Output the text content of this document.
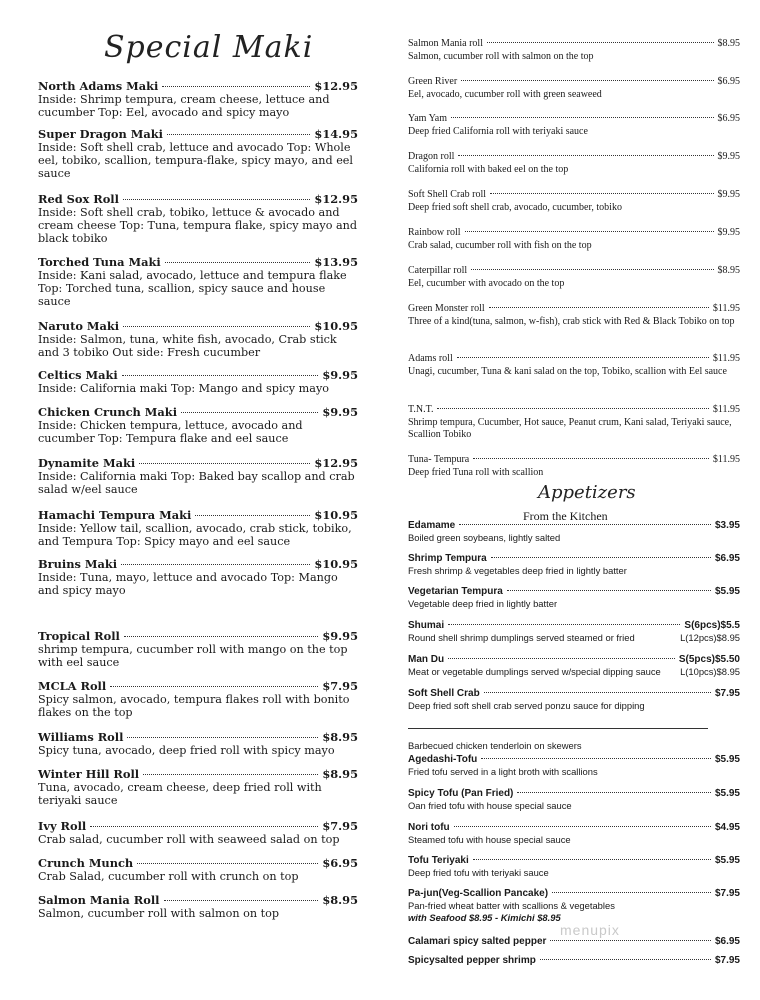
Special Maki
North Adams Maki	$12.95
Inside: Shrimp tempura, cream cheese, lettuce and cucumber Top: Eel, avocado and spicy mayo
Super Dragon Maki	$14.95
Inside: Soft shell crab, lettuce and avocado Top: Whole eel, tobiko, scallion, tempura-flake, spicy mayo, and eel sauce
Red Sox Roll	$12.95
Inside: Soft shell crab, tobiko, lettuce & avocado and cream cheese Top: Tuna, tempura flake, spicy mayo and black tobiko
Torched Tuna Maki	$13.95
Inside: Kani salad, avocado, lettuce and tempura flake Top: Torched tuna, scallion, spicy sauce and house sauce
Naruto Maki	$10.95
Inside: Salmon, tuna, white fish, avocado, Crab stick and 3 tobiko Out side: Fresh cucumber
Celtics Maki	$9.95
Inside: California maki Top: Mango and spicy mayo
Chicken Crunch Maki	$9.95
Inside: Chicken tempura, lettuce, avocado and cucumber Top: Tempura flake and eel sauce
Dynamite Maki	$12.95
Inside: California maki Top: Baked bay scallop and crab salad w/eel sauce
Hamachi Tempura Maki	$10.95
Inside: Yellow tail, scallion, avocado, crab stick, tobiko, and Tempura Top: Spicy mayo and eel sauce
Bruins Maki	$10.95
Inside: Tuna, mayo, lettuce and avocado Top: Mango and spicy mayo
Tropical Roll	$9.95
shrimp tempura, cucumber roll with mango on the top with eel sauce
MCLA Roll	$7.95
Spicy salmon, avocado, tempura flakes roll with bonito flakes on the top
Williams Roll	$8.95
Spicy tuna, avocado, deep fried roll with spicy mayo
Winter Hill Roll	$8.95
Tuna, avocado, cream cheese, deep fried roll with teriyaki sauce
Ivy Roll	$7.95
Crab salad, cucumber roll with seaweed salad on top
Crunch Munch	$6.95
Crab Salad, cucumber roll with crunch on top
Salmon Mania Roll	$8.95
Salmon, cucumber roll with salmon on top
Salmon Mania roll	$8.95
Salmon, cucumber roll with salmon on the top
Green River	$6.95
Eel, avocado, cucumber roll with green seaweed
Yam Yam	$6.95
Deep fried California roll with teriyaki sauce
Dragon roll	$9.95
California roll with baked eel on the top
Soft Shell Crab roll	$9.95
Deep fried soft shell crab, avocado, cucumber, tobiko
Rainbow roll	$9.95
Crab salad, cucumber roll with fish on the top
Caterpillar roll	$8.95
Eel, cucumber with avocado on the top
Green Monster roll	$11.95
Three of a kind(tuna, salmon, w-fish), crab stick with Red & Black Tobiko on top
Adams roll	$11.95
Unagi, cucumber, Tuna & kani salad on the top, Tobiko, scallion with Eel sauce
T.N.T.	$11.95
Shrimp tempura, Cucumber, Hot sauce, Peanut crum, Kani salad, Teriyaki sauce, Scallion Tobiko
Tuna- Tempura	$11.95
Deep fried Tuna roll with scallion
Appetizers
From the Kitchen
Edamame	$3.95
Boiled green soybeans, lightly salted
Shrimp Tempura	$6.95
Fresh shrimp & vegetables deep fried in lightly batter
Vegetarian Tempura	$5.95
Vegetable deep fried in lightly batter
Shumai	S(6pcs)$5.5
Round shell shrimp dumplings served steamed or fried	L(12pcs)$8.95
Man Du	S(5pcs)$5.50
Meat or vegetable dumplings served w/special dipping sauce L(10pcs)$8.95
Soft Shell Crab	$7.95
Deep fried soft shell crab served ponzu sauce for dipping
Barbecued chicken tenderloin on skewers
Agedashi-Tofu	$5.95
Fried tofu served in a light broth with scallions
Spicy Tofu (Pan Fried)	$5.95
Oan fried tofu with house special sauce
Nori tofu	$4.95
Steamed tofu with house special sauce
Tofu Teriyaki	$5.95
Deep fried tofu with teriyaki sauce
Pa-jun(Veg-Scallion Pancake)	$7.95
Pan-fried wheat batter with scallions & vegetables
with Seafood $8.95 - Kimichi $8.95
Calamari spicy salted pepper	$6.95
Spicysalted pepper shrimp	$7.95
menupix
